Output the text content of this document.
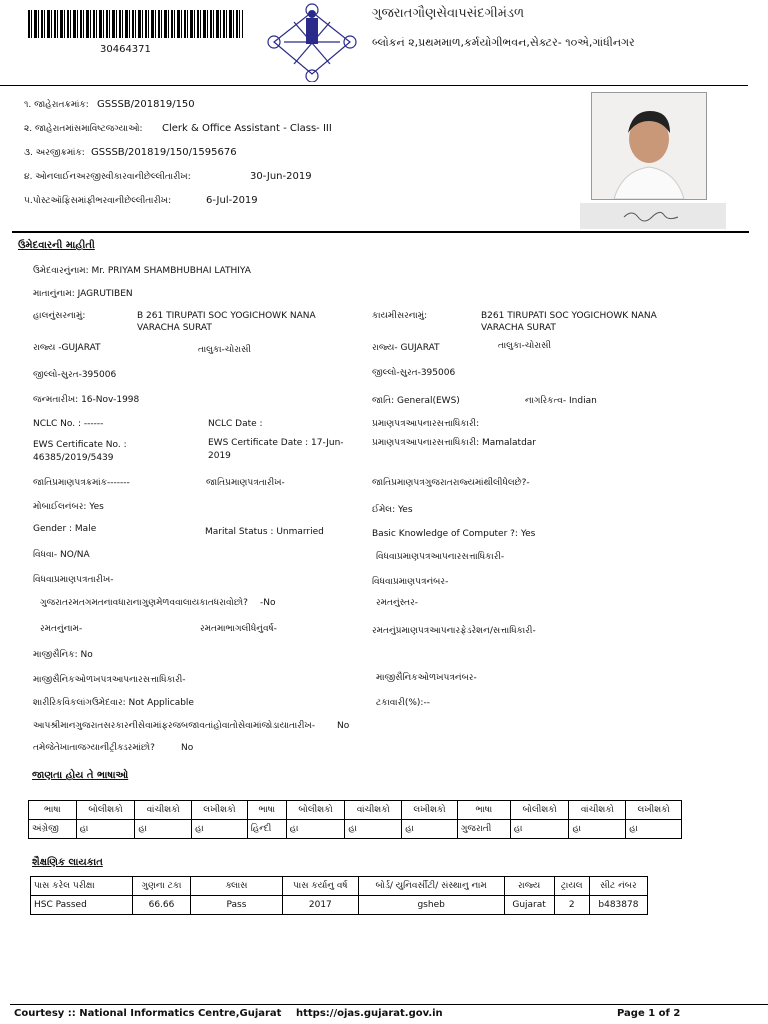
30464371
ગુજરાતગૌણસેવાપસંદગીમંડળ
બ્લોકનં ૨,પ્રથમમાળ,કર્મયોગીભવન,સેક્ટર- ૧૦એ,ગાંધીનગર
૧. જાહેરાતક્રમાંક: GSSSB/201819/150
૨. જાહેરાતમાંસમાવિષ્ટજગ્યાઓ: Clerk & Office Assistant - Class- III
૩. અરજીક્રમાંક: GSSSB/201819/150/1595676
૪. ઓનલાઈનઅરજીસ્વીકારવાનીછેલ્લીતારીખ:	30-Jun-2019
૫.પોસ્ટઑફિસમાંફીભરવાનીછેલ્લીતારીખ:	6-Jul-2019
ઉમેદવારની માહીતી
ઉમેદવારનુંનામ: Mr. PRIYAM SHAMBHUBHAI LATHIYA
માતાનુંનામ: JAGRUTIBEN
હાલનુંસરનામું:	B 261 TIRUPATI SOC YOGICHOWK NANA
VARACHA SURAT
કાયમીસરનામું:	B261 TIRUPATI SOC YOGICHOWK NANA
VARACHA SURAT
રાજ્ય -GUJARAT	તાલુકા-ચોરાસી	રાજ્ય- GUJARAT	તાલુકા-ચોરાસી
જીલ્લો-સુરત-395006	જીલ્લો-સુરત-395006
જન્મતારીખ: 16-Nov-1998	જાતિ: General(EWS)	નાગરિકત્વ- Indian
NCLC No. : ------	NCLC Date :	પ્રમાણપત્રઆપનારસત્તાધિકારી:
EWS Certificate No. :
46385/2019/5439
EWS Certificate Date : 17-Jun-
2019
પ્રમાણપત્રઆપનારસત્તાધિકારી: Mamalatdar
જાતિપ્રમાણપત્રક્રમાંક-------	જાતિપ્રમાણપત્રતારીખ-	જાતિપ્રમાણપત્રગુજરાતરાજ્યમાંથીલીધેલછે?-
મોબાઈલનંબર: Yes	ઈમેલ: Yes
Gender : Male	Marital Status : Unmarried	Basic Knowledge of Computer ?: Yes
વિધવા- NO/NA	વિધવાપ્રમાણપત્રઆપનારસત્તાધિકારી-
વિધવાપ્રમાણપત્રતારીખ-	વિધવાપ્રમાણપત્રનંબર-
ગુજરાતરમતગમતનાવધારાનાગુણમેળવવાલાયકાતધરાવોછો? -No	રમતનુંસ્તર-
રમતનુંનામ-	રમતમાભાગલીધેનુંવર્ષ-	રમતનુંપ્રમાણપત્રઆપનારફેડરેશન/સત્તાધિકારી-
માજીસૈનિક: No
માજીસૈનિકઓળખપત્રઆપનારસત્તાધિકારી-	માજીસૈનિકઓળખપત્રનંબર-
શારીરિકવિકલાંગઉમેદવાર: Not Applicable	ટકાવારી(%):--
આપશ્રીમાનગુજરાતસરકારનીસેવામાંફરજબજાવતાંહોવાતોસેવામાંજોડાયાતારીખ- No
તમેજેતેખાતાજગ્યાનીટ્રીક્ડરમાંછો?	No
જાણતા હોય તે ભાષાઓ
ભાષા	બોલીશકો	વાંચીશકો	લખીશકો	ભાષા	બોલીશકો	વાંચીશકો	લખીશકો	ભાષા	બોલીશકો	વાંચીશકો	લખીશકો
અંગ્રેજી	હા	હા	હા	હિન્દી	હા	હા	હા	ગુજરાતી	હા	હા	હા
શૈક્ષણિક લાયકાત
પાસ કરેલ પરીક્ષા	ગુણના ટકા	ક્લાસ	પાસ કર્યાનુ વર્ષ	બોર્ડ/ યુનિવર્સીટી/ સંસ્થાનુ નામ	રાજ્ય	ટ્રાયલ	સીટ નંબર
HSC Passed	66.66	Pass	2017	gsheb	Gujarat	2	b483878
Courtesy :: National Informatics Centre,Gujarat https://ojas.gujarat.gov.in	Page 1 of 2
